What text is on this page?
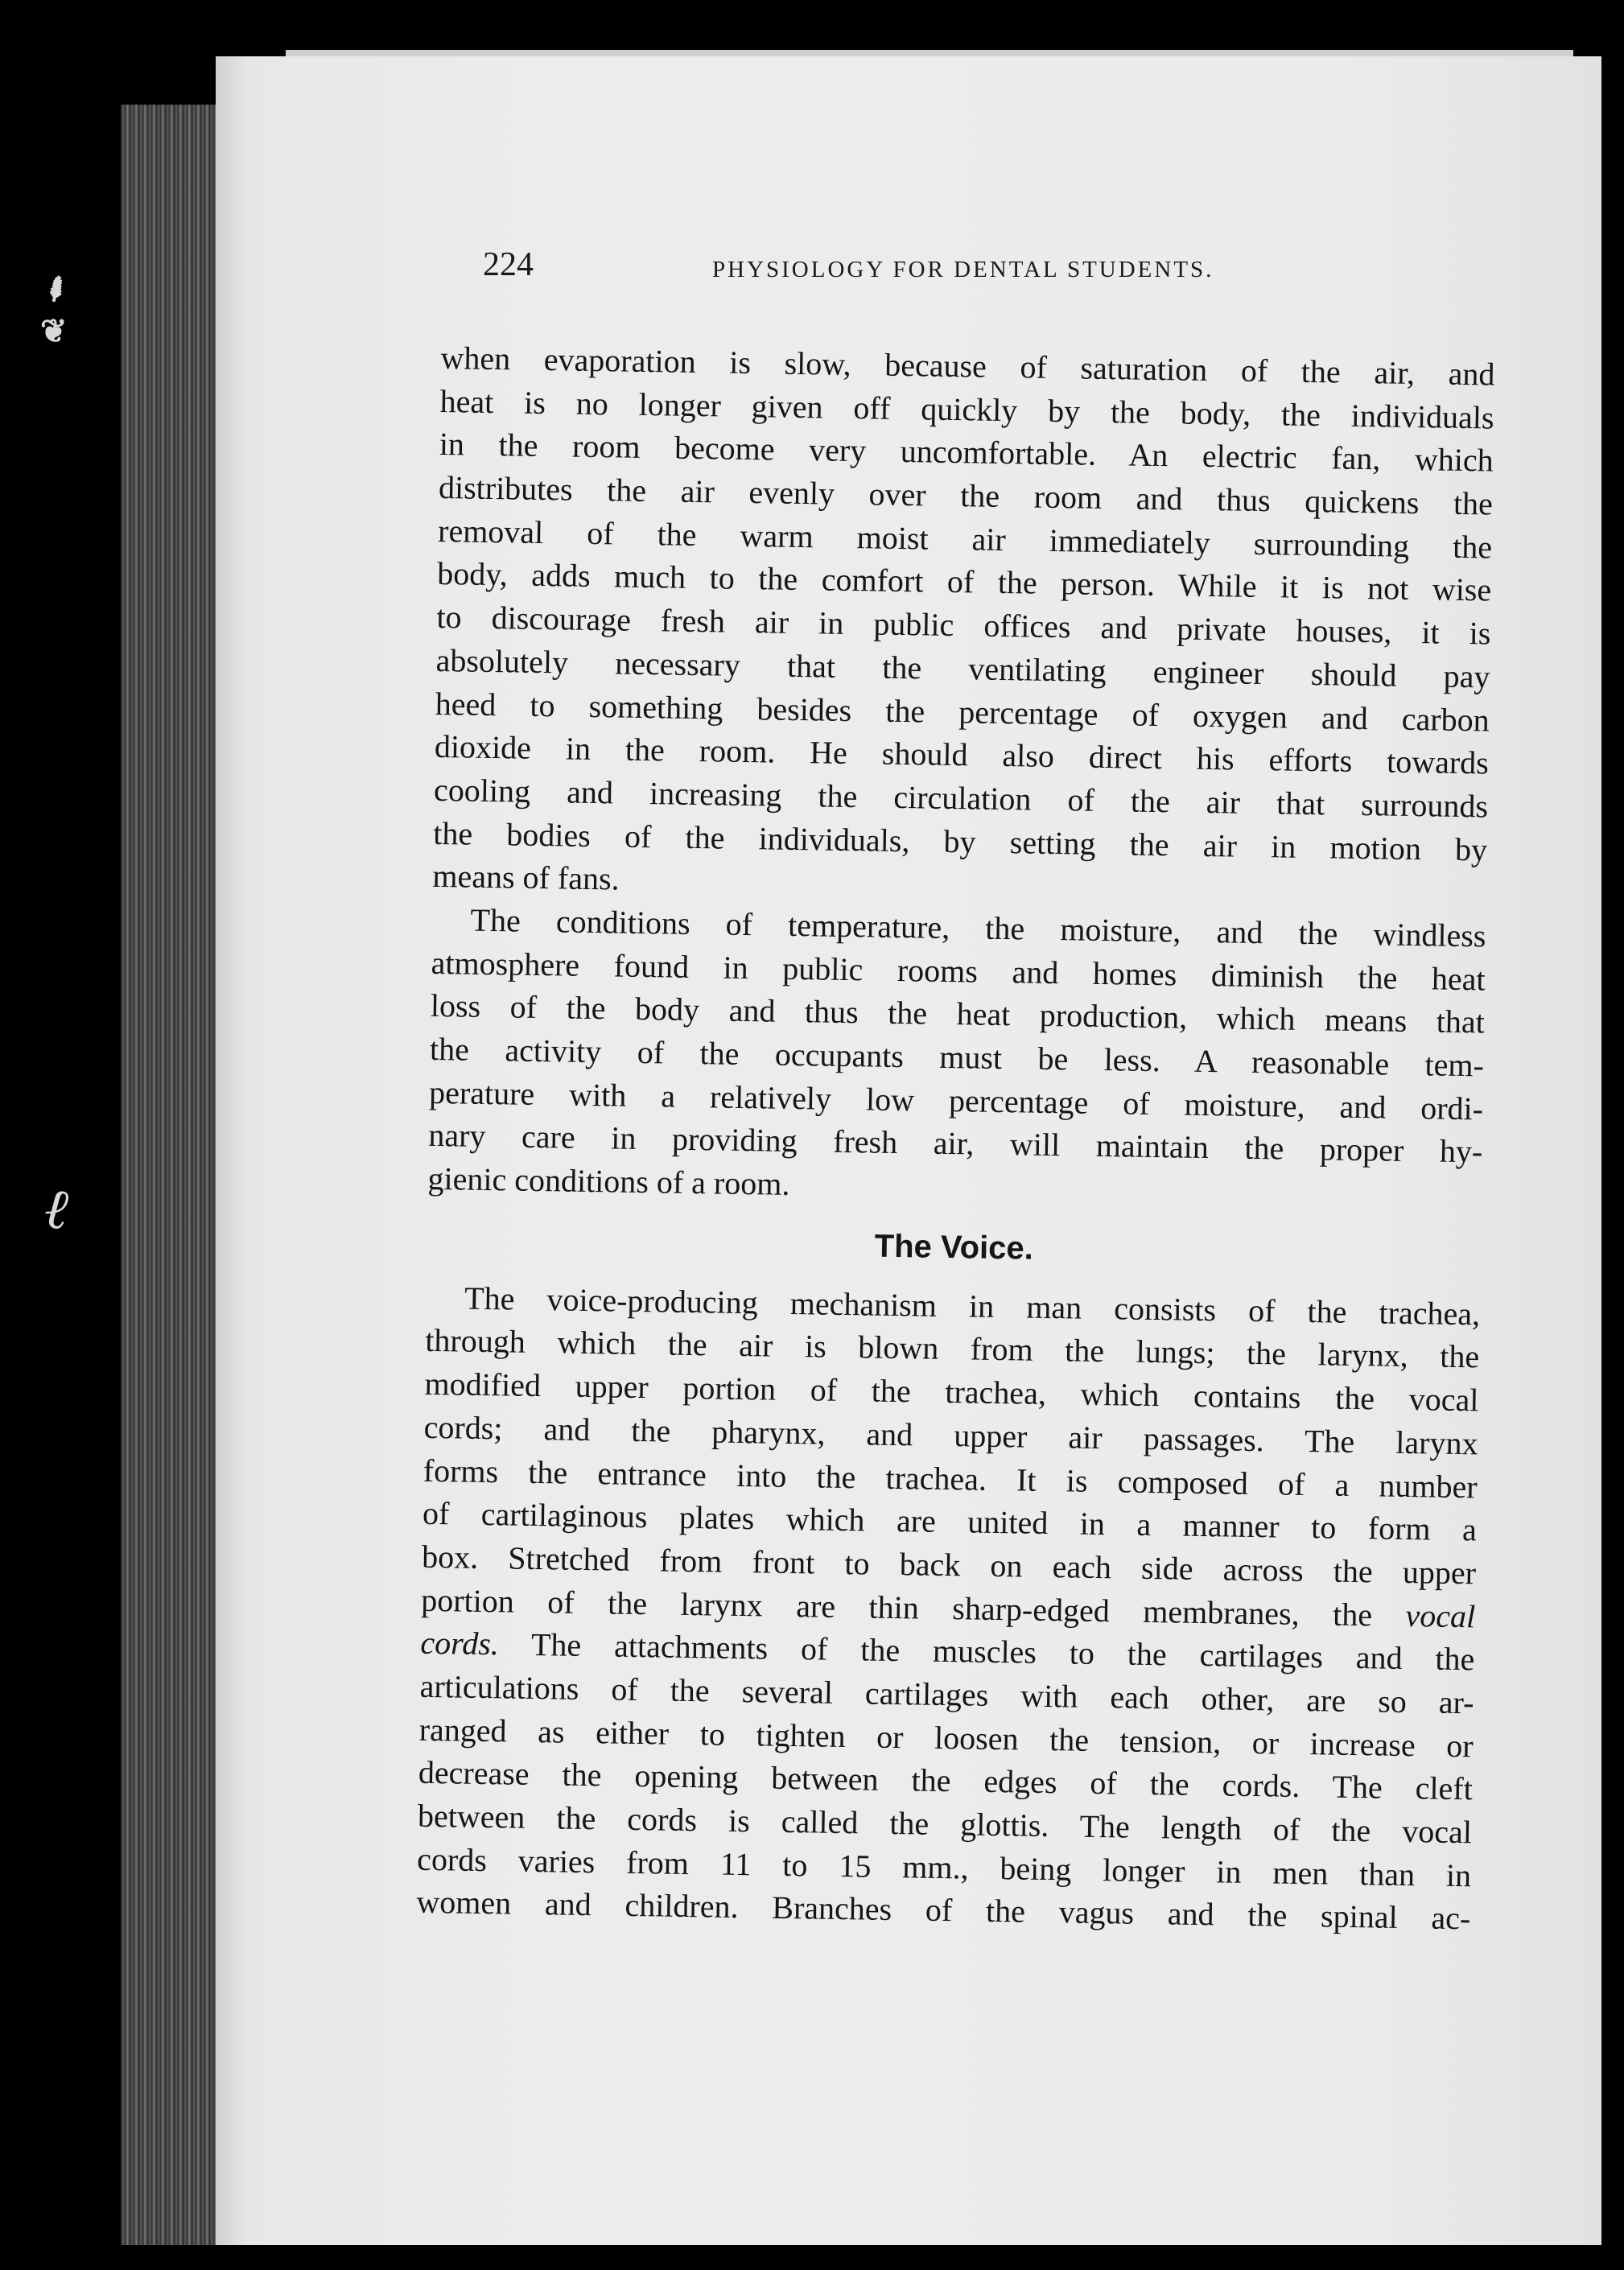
⸙
❦
ℓ
224	PHYSIOLOGY FOR DENTAL STUDENTS.
when evaporation is slow, because of saturation of the air, and
heat is no longer given off quickly by the body, the individuals
in the room become very uncomfortable. An electric fan, which
distributes the air evenly over the room and thus quickens the
removal of the warm moist air immediately surrounding the
body, adds much to the comfort of the person. While it is not wise
to discourage fresh air in public offices and private houses, it is
absolutely necessary that the ventilating engineer should pay
heed to something besides the percentage of oxygen and carbon
dioxide in the room. He should also direct his efforts towards
cooling and increasing the circulation of the air that surrounds
the bodies of the individuals, by setting the air in motion by
means of fans.
The conditions of temperature, the moisture, and the windless
atmosphere found in public rooms and homes diminish the heat
loss of the body and thus the heat production, which means that
the activity of the occupants must be less. A reasonable tem-
perature with a relatively low percentage of moisture, and ordi-
nary care in providing fresh air, will maintain the proper hy-
gienic conditions of a room.
The Voice.
The voice-producing mechanism in man consists of the trachea,
through which the air is blown from the lungs; the larynx, the
modified upper portion of the trachea, which contains the vocal
cords; and the pharynx, and upper air passages. The larynx
forms the entrance into the trachea. It is composed of a number
of cartilaginous plates which are united in a manner to form a
box. Stretched from front to back on each side across the upper
portion of the larynx are thin sharp-edged membranes, the vocal
cords. The attachments of the muscles to the cartilages and the
articulations of the several cartilages with each other, are so ar-
ranged as either to tighten or loosen the tension, or increase or
decrease the opening between the edges of the cords. The cleft
between the cords is called the glottis. The length of the vocal
cords varies from 11 to 15 mm., being longer in men than in
women and children. Branches of the vagus and the spinal ac-
